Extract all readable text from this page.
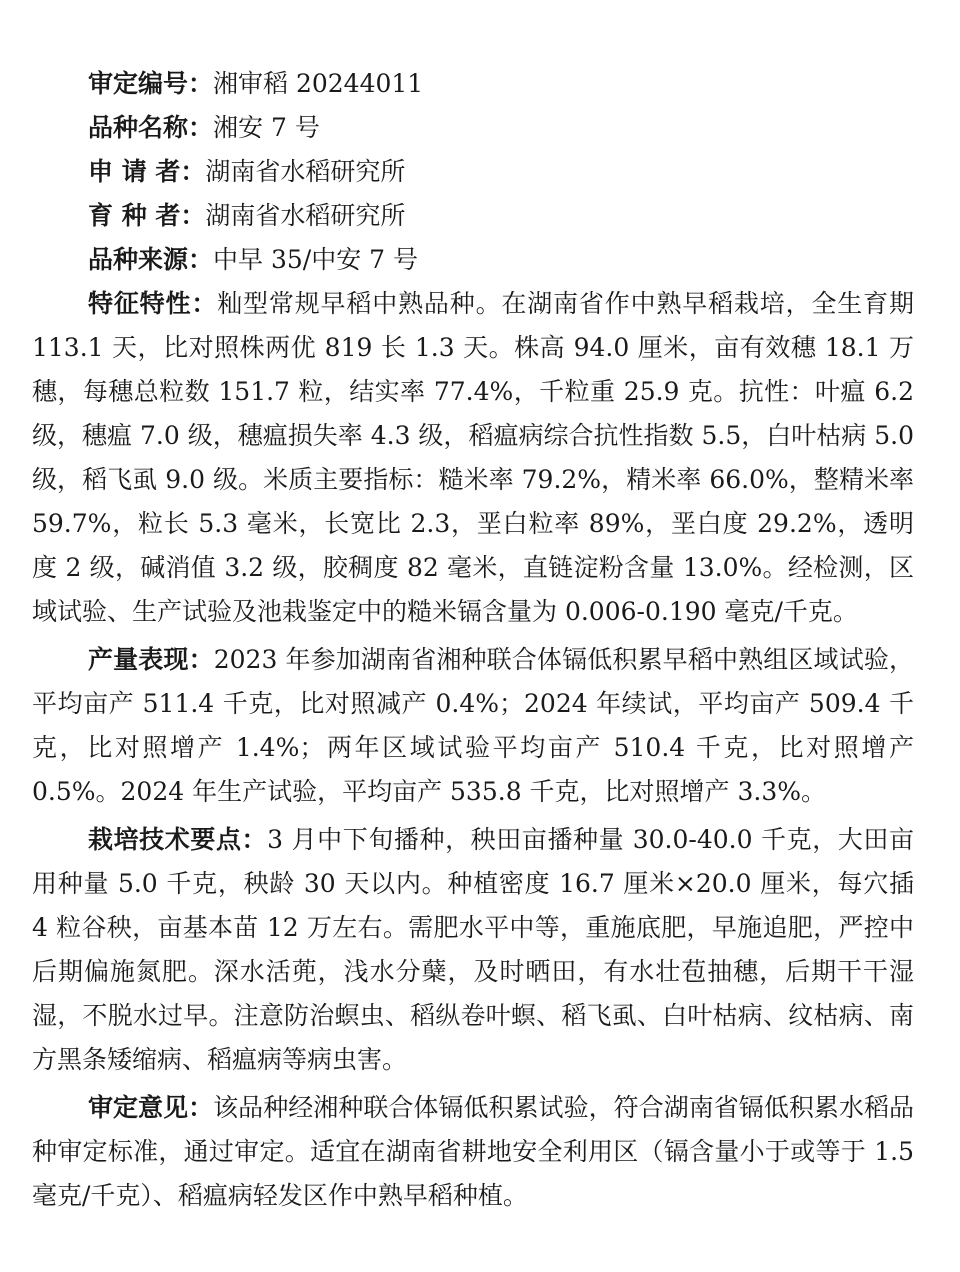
审定编号：湘审稻 20244011
品种名称：湘安 7 号
申 请 者：湖南省水稻研究所
育 种 者：湖南省水稻研究所
品种来源：中早 35/中安 7 号

特征特性：籼型常规早稻中熟品种。在湖南省作中熟早稻栽培，全生育期 113.1 天，比对照株两优 819 长 1.3 天。株高 94.0 厘米，亩有效穗 18.1 万穗，每穗总粒数 151.7 粒，结实率 77.4%，千粒重 25.9 克。抗性：叶瘟 6.2 级，穗瘟 7.0 级，穗瘟损失率 4.3 级，稻瘟病综合抗性指数 5.5，白叶枯病 5.0 级，稻飞虱 9.0 级。米质主要指标：糙米率 79.2%，精米率 66.0%，整精米率 59.7%，粒长 5.3 毫米，长宽比 2.3，垩白粒率 89%，垩白度 29.2%，透明度 2 级，碱消值 3.2 级，胶稠度 82 毫米，直链淀粉含量 13.0%。经检测，区域试验、生产试验及池栽鉴定中的糙米镉含量为 0.006-0.190 毫克/千克。

产量表现：2023 年参加湖南省湘种联合体镉低积累早稻中熟组区域试验，平均亩产 511.4 千克，比对照减产 0.4%；2024 年续试，平均亩产 509.4 千克，比对照增产 1.4%；两年区域试验平均亩产 510.4 千克，比对照增产 0.5%。2024 年生产试验，平均亩产 535.8 千克，比对照增产 3.3%。

栽培技术要点：3 月中下旬播种，秧田亩播种量 30.0-40.0 千克，大田亩用种量 5.0 千克，秧龄 30 天以内。种植密度 16.7 厘米×20.0 厘米，每穴插 4 粒谷秧，亩基本苗 12 万左右。需肥水平中等，重施底肥，早施追肥，严控中后期偏施氮肥。深水活蔸，浅水分蘖，及时晒田，有水壮苞抽穗，后期干干湿湿，不脱水过早。注意防治螟虫、稻纵卷叶螟、稻飞虱、白叶枯病、纹枯病、南方黑条矮缩病、稻瘟病等病虫害。

审定意见：该品种经湘种联合体镉低积累试验，符合湖南省镉低积累水稻品种审定标准，通过审定。适宜在湖南省耕地安全利用区（镉含量小于或等于 1.5 毫克/千克）、稻瘟病轻发区作中熟早稻种植。
